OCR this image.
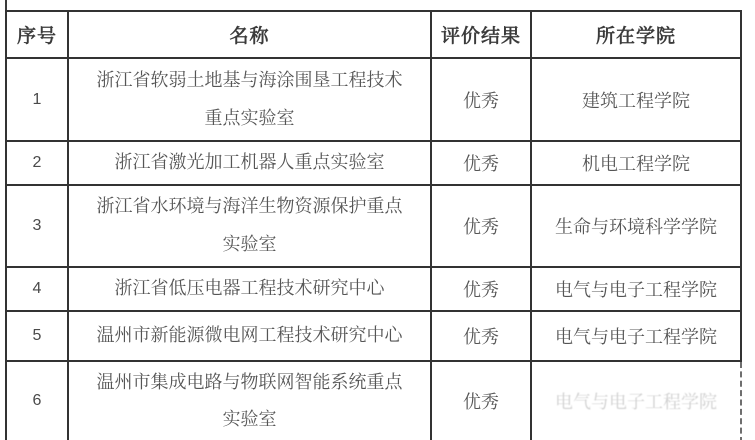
序号	名称	评价结果	所在学院
1	浙江省软弱土地基与海涂围垦工程技术重点实验室	优秀	建筑工程学院
2	浙江省激光加工机器人重点实验室	优秀	机电工程学院
3	浙江省水环境与海洋生物资源保护重点实验室	优秀	生命与环境科学学院
4	浙江省低压电器工程技术研究中心	优秀	电气与电子工程学院
5	温州市新能源微电网工程技术研究中心	优秀	电气与电子工程学院
6	温州市集成电路与物联网智能系统重点实验室	优秀	电气与电子工程学院
